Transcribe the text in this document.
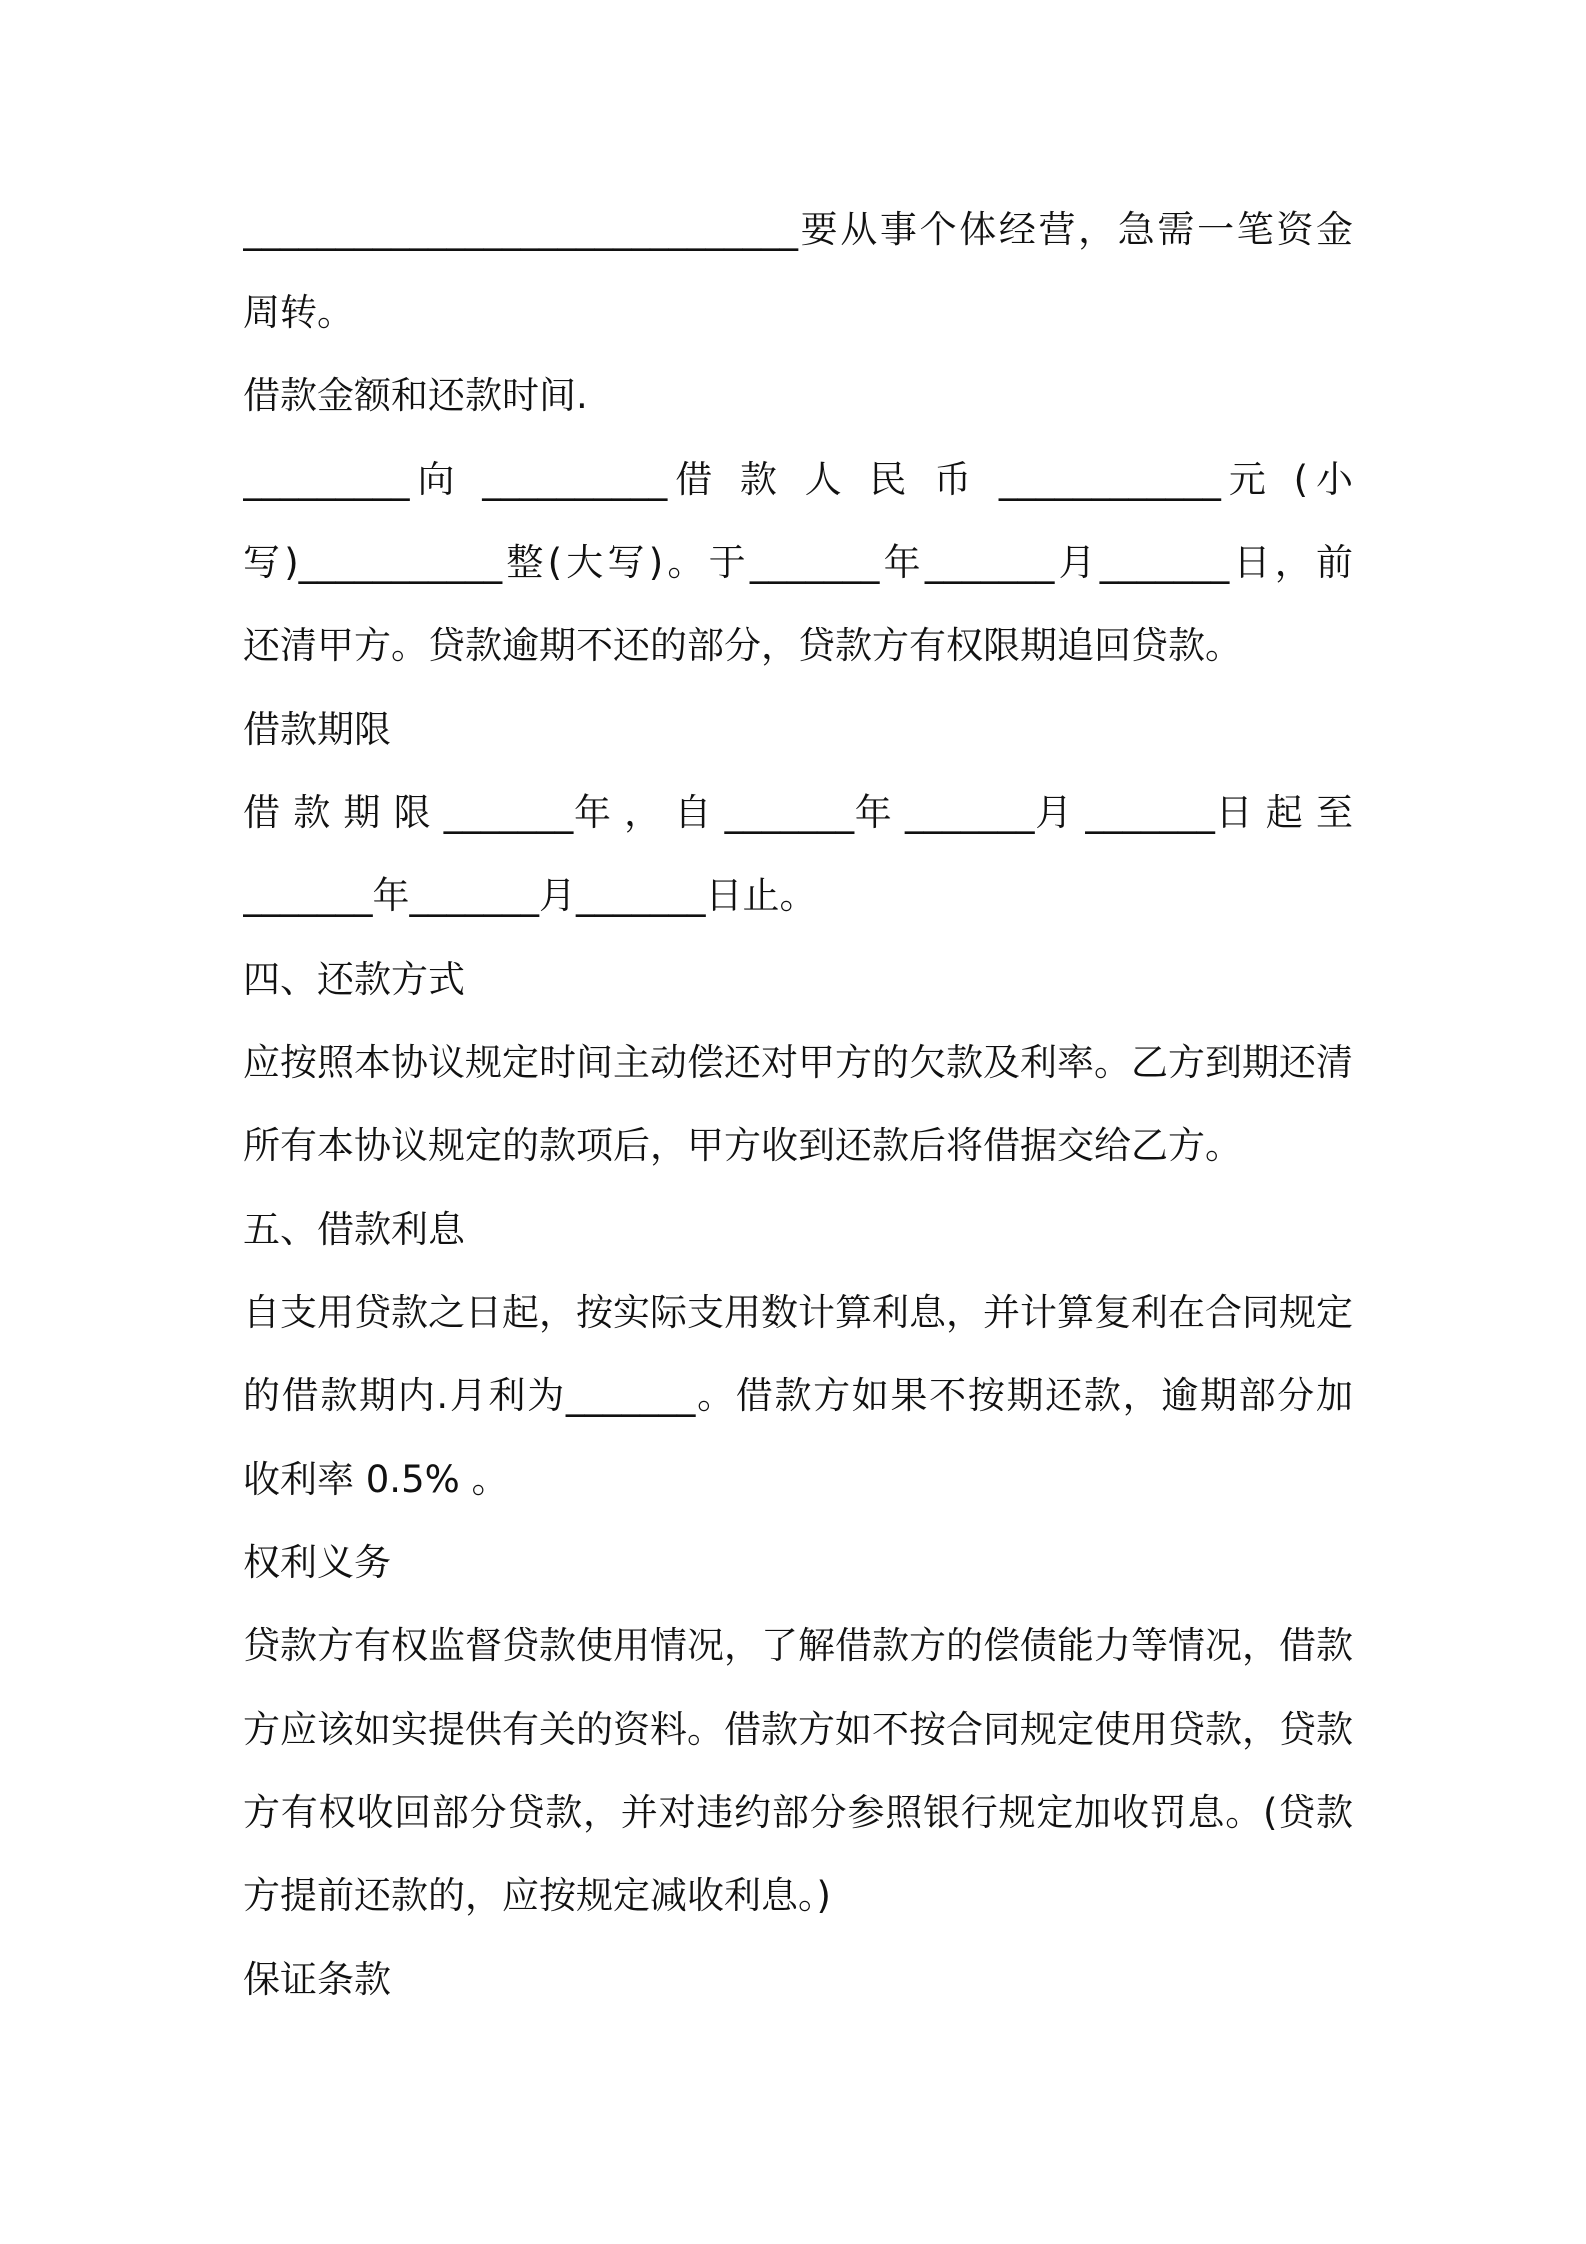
______________________________要从事个体经营，急需一笔资金
周转。
借款金额和还款时间.
_________向 __________借 款 人 民 币 ____________元 (小
写)___________整(大写)。于_______年_______月_______日，前
还清甲方。贷款逾期不还的部分，贷款方有权限期追回贷款。
借款期限
借 款 期 限 _______年 ， 自 _______年 _______月 _______日 起 至
_______年_______月_______日止。
四、还款方式
应按照本协议规定时间主动偿还对甲方的欠款及利率。乙方到期还清
所有本协议规定的款项后，甲方收到还款后将借据交给乙方。
五、借款利息
自支用贷款之日起，按实际支用数计算利息，并计算复利在合同规定
的借款期内.月利为_______。借款方如果不按期还款，逾期部分加
收利率 0.5% 。
权利义务
贷款方有权监督贷款使用情况，了解借款方的偿债能力等情况，借款
方应该如实提供有关的资料。借款方如不按合同规定使用贷款，贷款
方有权收回部分贷款，并对违约部分参照银行规定加收罚息。(贷款
方提前还款的，应按规定减收利息。)
保证条款
